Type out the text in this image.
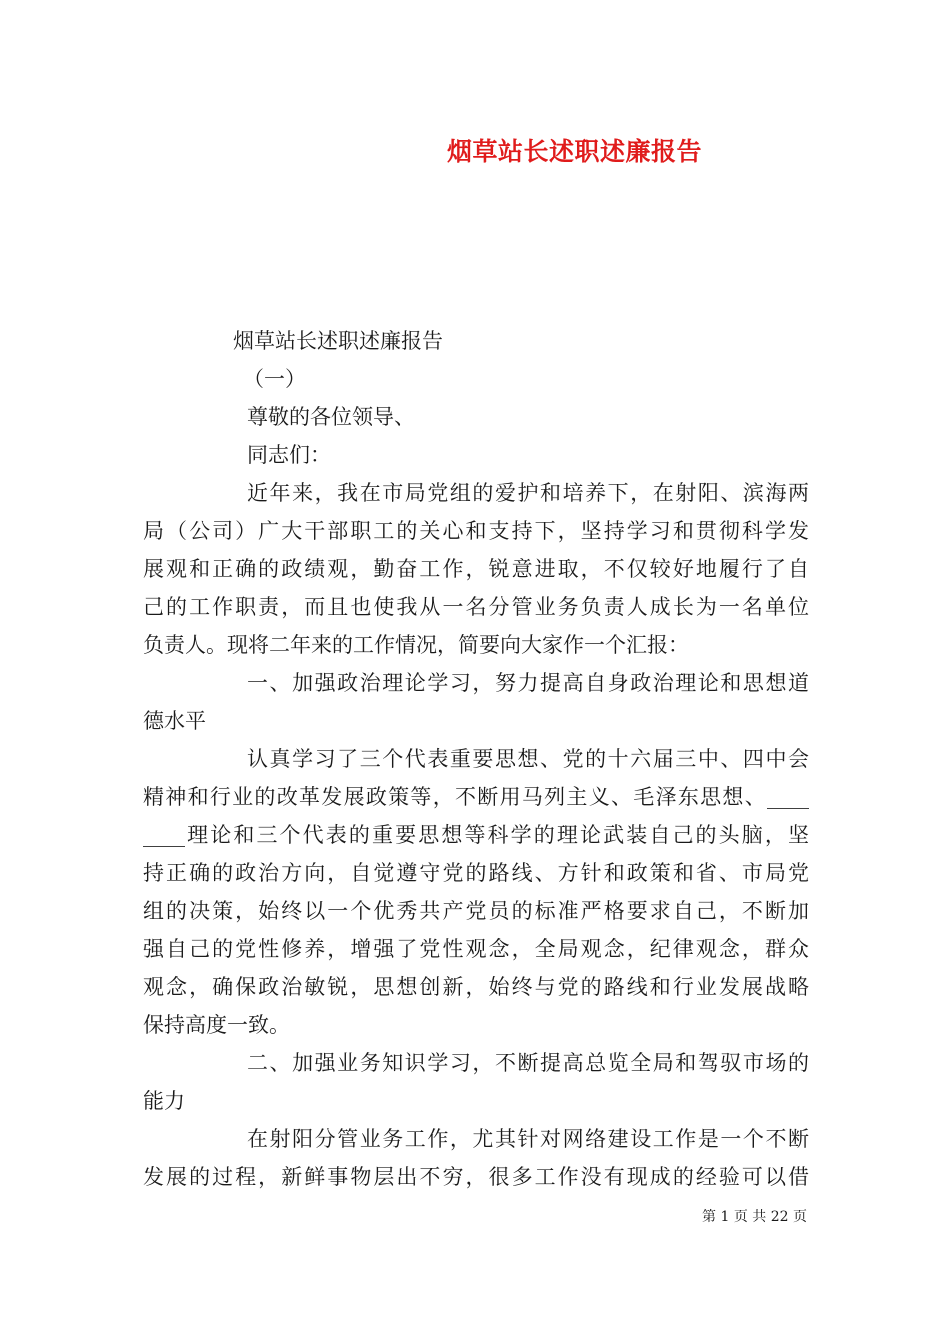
烟草站长述职述廉报告
烟草站长述职述廉报告
（一）
尊敬的各位领导、
同志们：
近年来，我在市局党组的爱护和培养下，在射阳、滨海两
局（公司）广大干部职工的关心和支持下，坚持学习和贯彻科学发
展观和正确的政绩观，勤奋工作，锐意进取，不仅较好地履行了自
己的工作职责，而且也使我从一名分管业务负责人成长为一名单位
负责人。现将二年来的工作情况，简要向大家作一个汇报：
一、加强政治理论学习，努力提高自身政治理论和思想道
德水平
认真学习了三个代表重要思想、党的十六届三中、四中会
精神和行业的改革发展政策等，不断用马列主义、毛泽东思想、____
____理论和三个代表的重要思想等科学的理论武装自己的头脑，坚
持正确的政治方向，自觉遵守党的路线、方针和政策和省、市局党
组的决策，始终以一个优秀共产党员的标准严格要求自己，不断加
强自己的党性修养，增强了党性观念，全局观念，纪律观念，群众
观念，确保政治敏锐，思想创新，始终与党的路线和行业发展战略
保持高度一致。
二、加强业务知识学习，不断提高总览全局和驾驭市场的
能力
在射阳分管业务工作，尤其针对网络建设工作是一个不断
发展的过程，新鲜事物层出不穷，很多工作没有现成的经验可以借
第 1 页 共 22 页
